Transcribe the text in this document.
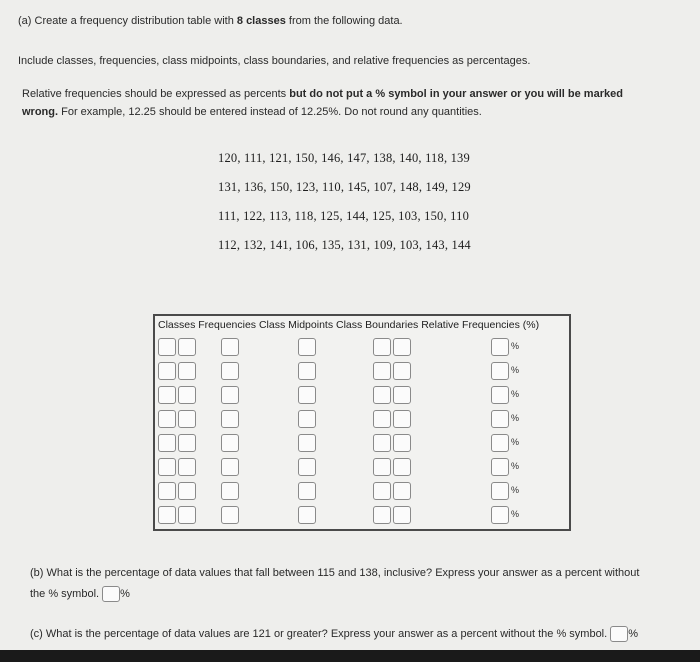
(a) Create a frequency distribution table with 8 classes from the following data.
Include classes, frequencies, class midpoints, class boundaries, and relative frequencies as percentages.
Relative frequencies should be expressed as percents but do not put a % symbol in your answer or you will be marked
wrong. For example, 12.25 should be entered instead of 12.25%. Do not round any quantities.
120, 111, 121, 150, 146, 147, 138, 140, 118, 139
131, 136, 150, 123, 110, 145, 107, 148, 149, 129
111, 122, 113, 118, 125, 144, 125, 103, 150, 110
112, 132, 141, 106, 135, 131, 109, 103, 143, 144
Classes Frequencies Class Midpoints Class Boundaries Relative Frequencies (%)
%
%
%
%
%
%
%
%
(b) What is the percentage of data values that fall between 115 and 138, inclusive? Express your answer as a percent without
the % symbol. %
(c) What is the percentage of data values are 121 or greater? Express your answer as a percent without the % symbol. %
